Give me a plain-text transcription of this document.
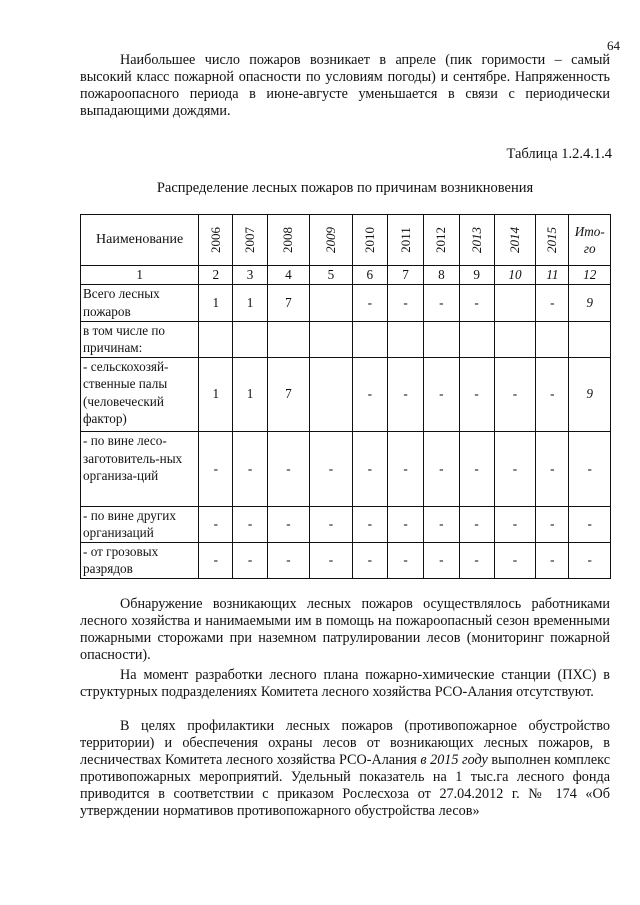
64

Наибольшее число пожаров возникает в апреле (пик горимости – самый высокий класс пожарной опасности по условиям погоды) и сентябре. Напряженность пожароопасного периода в июне-августе уменьшается в связи с периодически выпадающими дождями.

Таблица 1.2.4.1.4
Распределение лесных пожаров по причинам возникновения
Наименование	2006	2007	2008	2009	2010	2011	2012	2013	2014	2015	Ито-
го
1	2	3	4	5	6	7	8	9	10	11	12
Всего лесных пожаров	1	1	7		-	-	-	-		-	9
в том числе по причинам:											
- сельскохозяй-ственные палы (человеческий фактор)	1	1	7		-	-	-	-	-	-	9
- по вине лесо-заготовитель-ных организа-ций	-	-	-	-	-	-	-	-	-	-	-
- по вине других организаций	-	-	-	-	-	-	-	-	-	-	-
- от грозовых разрядов	-	-	-	-	-	-	-	-	-	-	-

Обнаружение возникающих лесных пожаров осуществлялось работниками лесного хозяйства и нанимаемыми им в помощь на пожароопасный сезон временными пожарными сторожами при наземном патрулировании лесов (мониторинг пожарной опасности).

На момент разработки лесного плана пожарно-химические станции (ПХС) в структурных подразделениях Комитета лесного хозяйства РСО-Алания отсутствуют.

В целях профилактики лесных пожаров (противопожарное обустройство территории) и обеспечения охраны лесов от возникающих лесных пожаров, в лесничествах Комитета лесного хозяйства РСО-Алания в 2015 году выполнен комплекс противопожарных мероприятий. Удельный показатель на 1 тыс.га лесного фонда приводится в соответствии с приказом Рослесхоза от 27.04.2012 г. № 174 «Об утверждении нормативов противопожарного обустройства лесов»
